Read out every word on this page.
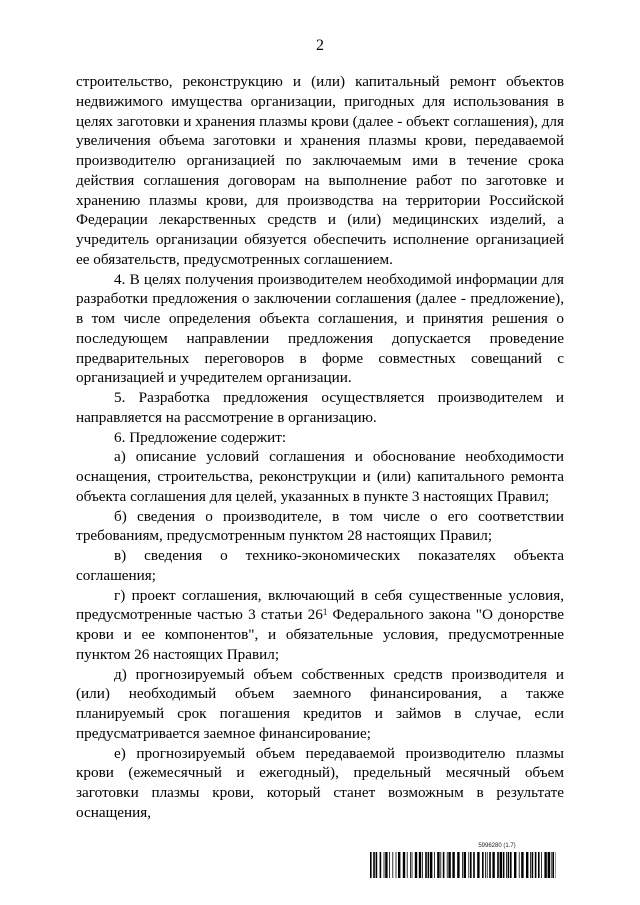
2

строительство, реконструкцию и (или) капитальный ремонт объектов недвижимого имущества организации, пригодных для использования в целях заготовки и хранения плазмы крови (далее - объект соглашения), для увеличения объема заготовки и хранения плазмы крови, передаваемой производителю организацией по заключаемым ими в течение срока действия соглашения договорам на выполнение работ по заготовке и хранению плазмы крови, для производства на территории Российской Федерации лекарственных средств и (или) медицинских изделий, а учредитель организации обязуется обеспечить исполнение организацией ее обязательств, предусмотренных соглашением.

4. В целях получения производителем необходимой информации для разработки предложения о заключении соглашения (далее - предложение), в том числе определения объекта соглашения, и принятия решения о последующем направлении предложения допускается проведение предварительных переговоров в форме совместных совещаний с организацией и учредителем организации.

5. Разработка предложения осуществляется производителем и направляется на рассмотрение в организацию.

6. Предложение содержит:

а) описание условий соглашения и обоснование необходимости оснащения, строительства, реконструкции и (или) капитального ремонта объекта соглашения для целей, указанных в пункте 3 настоящих Правил;

б) сведения о производителе, в том числе о его соответствии требованиям, предусмотренным пунктом 28 настоящих Правил;

в) сведения о технико-экономических показателях объекта соглашения;

г) проект соглашения, включающий в себя существенные условия, предусмотренные частью 3 статьи $26^1$ Федерального закона "О донорстве крови и ее компонентов", и обязательные условия, предусмотренные пунктом 26 настоящих Правил;

д) прогнозируемый объем собственных средств производителя и (или) необходимый объем заемного финансирования, а также планируемый срок погашения кредитов и займов в случае, если предусматривается заемное финансирование;

е) прогнозируемый объем передаваемой производителю плазмы крови (ежемесячный и ежегодный), предельный месячный объем заготовки плазмы крови, который станет возможным в результате оснащения,

5996280 (1.7)
